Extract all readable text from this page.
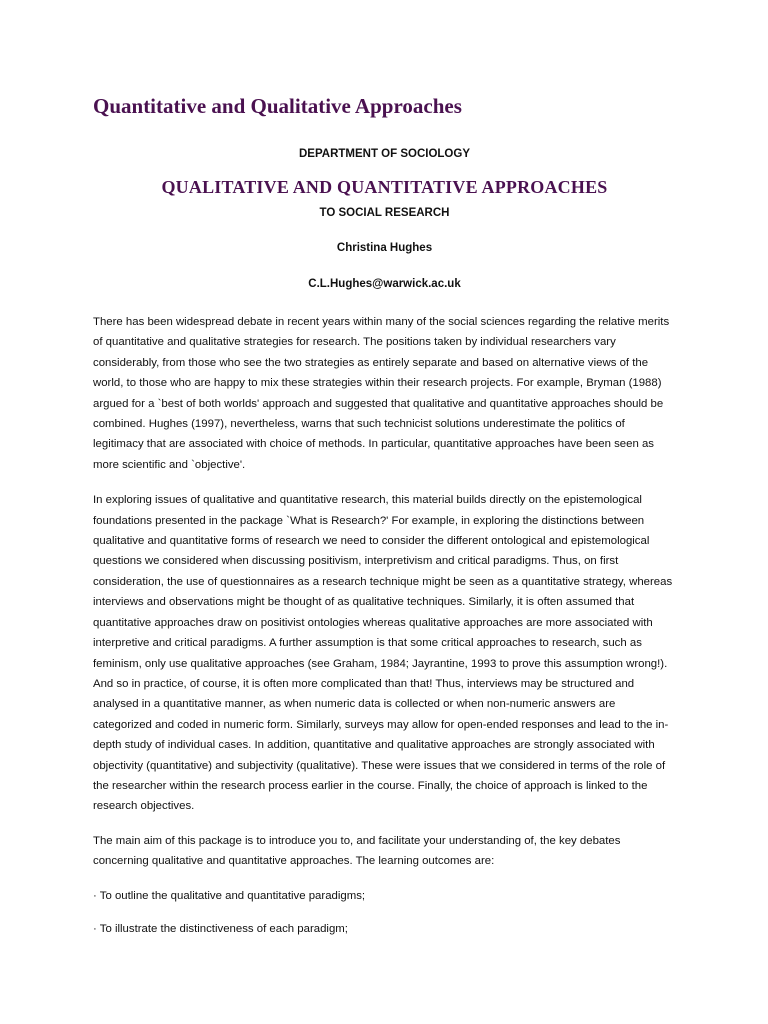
Quantitative and Qualitative Approaches
DEPARTMENT OF SOCIOLOGY
QUALITATIVE AND QUANTITATIVE APPROACHES
TO SOCIAL RESEARCH
Christina Hughes
C.L.Hughes@warwick.ac.uk

There has been widespread debate in recent years within many of the social sciences regarding the relative merits of quantitative and qualitative strategies for research. The positions taken by individual researchers vary considerably, from those who see the two strategies as entirely separate and based on alternative views of the world, to those who are happy to mix these strategies within their research projects. For example, Bryman (1988) argued for a `best of both worlds' approach and suggested that qualitative and quantitative approaches should be combined. Hughes (1997), nevertheless, warns that such technicist solutions underestimate the politics of legitimacy that are associated with choice of methods. In particular, quantitative approaches have been seen as more scientific and `objective'.

In exploring issues of qualitative and quantitative research, this material builds directly on the epistemological foundations presented in the package `What is Research?' For example, in exploring the distinctions between qualitative and quantitative forms of research we need to consider the different ontological and epistemological questions we considered when discussing positivism, interpretivism and critical paradigms. Thus, on first consideration, the use of questionnaires as a research technique might be seen as a quantitative strategy, whereas interviews and observations might be thought of as qualitative techniques. Similarly, it is often assumed that quantitative approaches draw on positivist ontologies whereas qualitative approaches are more associated with interpretive and critical paradigms. A further assumption is that some critical approaches to research, such as feminism, only use qualitative approaches (see Graham, 1984; Jayrantine, 1993 to prove this assumption wrong!). And so in practice, of course, it is often more complicated than that! Thus, interviews may be structured and analysed in a quantitative manner, as when numeric data is collected or when non-numeric answers are categorized and coded in numeric form. Similarly, surveys may allow for open-ended responses and lead to the in-depth study of individual cases. In addition, quantitative and qualitative approaches are strongly associated with objectivity (quantitative) and subjectivity (qualitative). These were issues that we considered in terms of the role of the researcher within the research process earlier in the course. Finally, the choice of approach is linked to the research objectives.

The main aim of this package is to introduce you to, and facilitate your understanding of, the key debates concerning qualitative and quantitative approaches. The learning outcomes are:

· To outline the qualitative and quantitative paradigms;

· To illustrate the distinctiveness of each paradigm;
